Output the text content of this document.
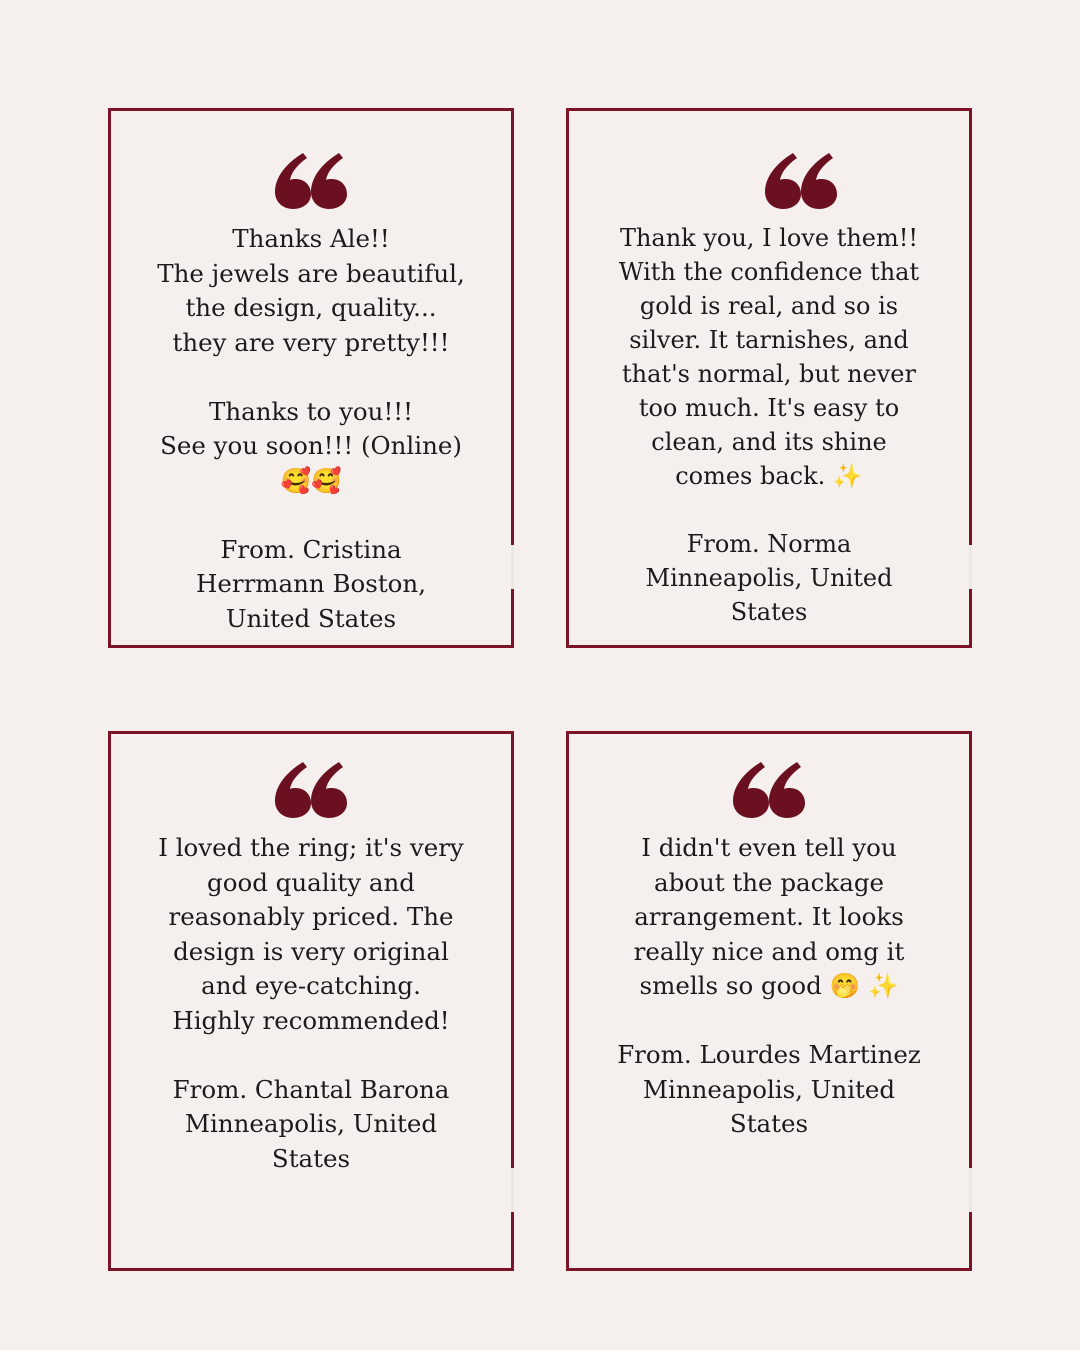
Thanks Ale!!
The jewels are beautiful,
the design, quality...
they are very pretty!!!

Thanks to you!!!
See you soon!!! (Online)
🥰🥰

From. Cristina
Herrmann Boston,
United States
Thank you, I love them!!
With the confidence that
gold is real, and so is
silver. It tarnishes, and
that's normal, but never
too much. It's easy to
clean, and its shine
comes back. ✨

From. Norma
Minneapolis, United
States
I loved the ring; it's very
good quality and
reasonably priced. The
design is very original
and eye-catching.
Highly recommended!

From. Chantal Barona
Minneapolis, United
States
I didn't even tell you
about the package
arrangement. It looks
really nice and omg it
smells so good 🤭 ✨

From. Lourdes Martinez
Minneapolis, United
States
